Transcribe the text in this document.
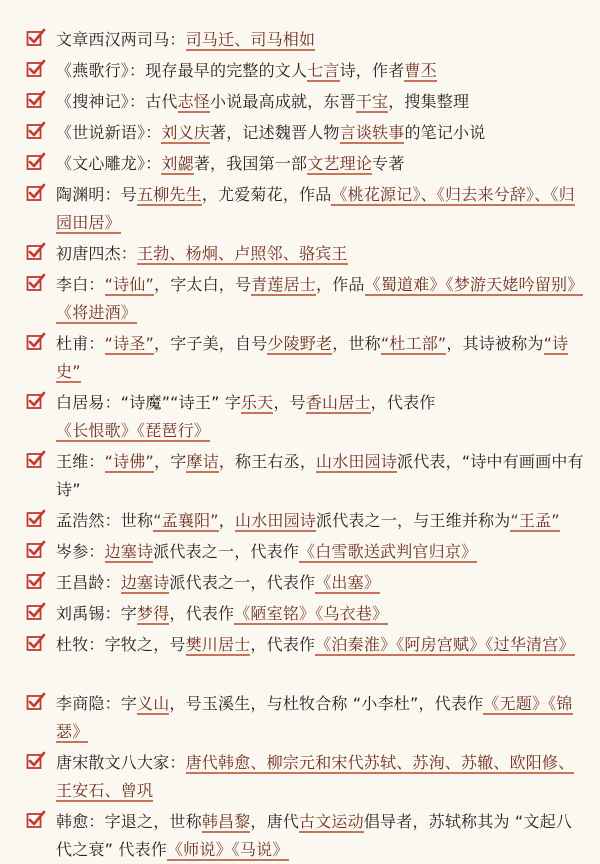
文章西汉两司马：司马迁、司马相如
《燕歌行》：现存最早的完整的文人七言诗，作者曹丕
《搜神记》：古代志怪小说最高成就，东晋干宝，搜集整理
《世说新语》：刘义庆著，记述魏晋人物言谈轶事的笔记小说
《文心雕龙》：刘勰著，我国第一部文艺理论专著
陶渊明：号五柳先生，尤爱菊花，作品《桃花源记》、《归去来兮辞》、《归园田居》
初唐四杰：王勃、杨炯、卢照邻、骆宾王
李白：“诗仙”，字太白，号青莲居士，作品《蜀道难》《梦游天姥吟留别》《将进酒》
杜甫：“诗圣”，字子美，自号少陵野老，世称“杜工部”，其诗被称为“诗史”
白居易：“诗魔”“诗王” 字乐天，号香山居士，代表作《长恨歌》《琵琶行》
王维：“诗佛”，字摩诘，称王右丞，山水田园诗派代表，“诗中有画画中有诗”
孟浩然：世称“孟襄阳”，山水田园诗派代表之一，与王维并称为“王孟”
岑参：边塞诗派代表之一，代表作《白雪歌送武判官归京》
王昌龄：边塞诗派代表之一，代表作《出塞》
刘禹锡：字梦得，代表作《陋室铭》《乌衣巷》
杜牧：字牧之，号樊川居士，代表作《泊秦淮》《阿房宫赋》《过华清宫》
李商隐：字义山，号玉溪生，与杜牧合称 “小李杜”，代表作《无题》《锦瑟》
唐宋散文八大家：唐代韩愈、柳宗元和宋代苏轼、苏洵、苏辙、欧阳修、王安石、曾巩
韩愈：字退之，世称韩昌黎，唐代古文运动倡导者，苏轼称其为 “文起八代之衰” 代表作《师说》《马说》
